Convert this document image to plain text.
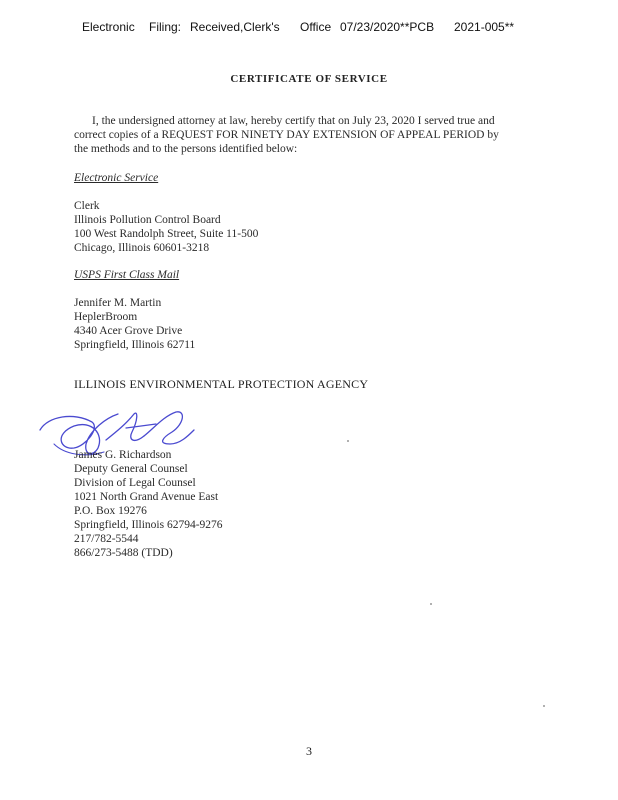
Electronic Filing: Received,Clerk's Office 07/23/2020**PCB 2021-005**
CERTIFICATE OF SERVICE
I, the undersigned attorney at law, hereby certify that on July 23, 2020 I served true and
correct copies of a REQUEST FOR NINETY DAY EXTENSION OF APPEAL PERIOD by
the methods and to the persons identified below:
Electronic Service
Clerk
Illinois Pollution Control Board
100 West Randolph Street, Suite 11-500
Chicago, Illinois 60601-3218
USPS First Class Mail
Jennifer M. Martin
HeplerBroom
4340 Acer Grove Drive
Springfield, Illinois 62711
ILLINOIS ENVIRONMENTAL PROTECTION AGENCY
James G. Richardson
Deputy General Counsel
Division of Legal Counsel
1021 North Grand Avenue East
P.O. Box 19276
Springfield, Illinois 62794-9276
217/782-5544
866/273-5488 (TDD)
3
